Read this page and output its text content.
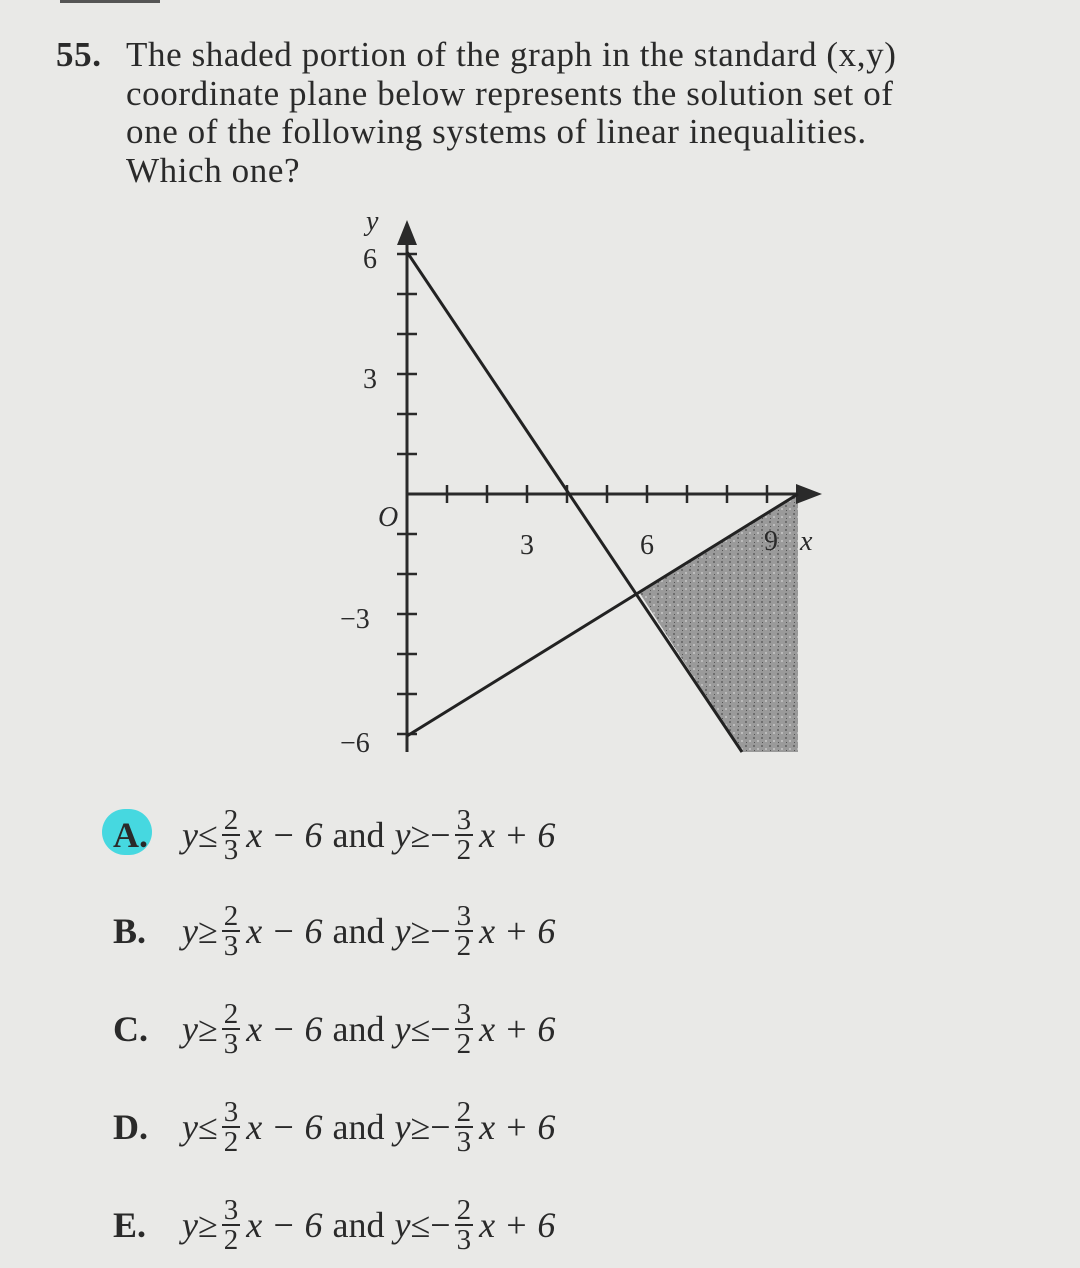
55. The shaded portion of the graph in the standard (x,y)
coordinate plane below represents the solution set of
one of the following systems of linear inequalities.
Which one?
y
6
3
O
−3
−6
3	6	9 x
A. $y \le \frac{2}{3}$ x − 6 and y ≥ − $\frac{3}{2}$ x + 6
B. $y \ge \frac{2}{3}$ x − 6 and y ≥ − $\frac{3}{2}$ x + 6
C. $y \ge \frac{2}{3}$ x − 6 and y ≤ − $\frac{3}{2}$ x + 6
D. $y \le \frac{3}{2}$ x − 6 and y ≥ − $\frac{2}{3}$ x + 6
E. $y \ge \frac{3}{2}$ x − 6 and y ≤ − $\frac{2}{3}$ x + 6
